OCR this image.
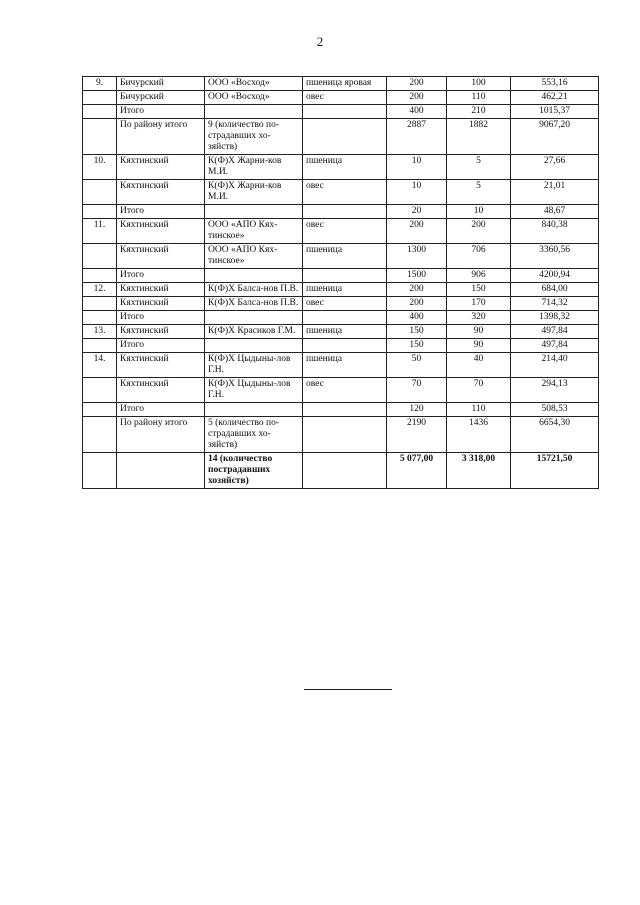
2
9.	Бичурский	ООО «Восход»	пшеница яровая	200	100	553,16
	Бичурский	ООО «Восход»	овес	200	110	462,21
	Итого			400	210	1015,37
	По району итого	9 (количество по-страдавших хо-зяйств)		2887	1882	9067,20
10.	Кяхтинский	К(Ф)Х Жарни-ков М.И.	пшеница	10	5	27,66
	Кяхтинский	К(Ф)Х Жарни-ков М.И.	овес	10	5	21,01
	Итого			20	10	48,67
11.	Кяхтинский	ООО «АПО Кях-тинское»	овес	200	200	840,38
	Кяхтинский	ООО «АПО Кях-тинское»	пшеница	1300	706	3360,56
	Итого			1500	906	4200,94
12.	Кяхтинский	К(Ф)Х Балса-нов П.В.	пшеница	200	150	684,00
	Кяхтинский	К(Ф)Х Балса-нов П.В.	овес	200	170	714,32
	Итого			400	320	1398,32
13.	Кяхтинский	К(Ф)Х Красиков Г.М.	пшеница	150	90	497,84
	Итого			150	90	497,84
14.	Кяхтинский	К(Ф)Х Цыдыны-лов Г.Н.	пшеница	50	40	214,40
	Кяхтинский	К(Ф)Х Цыдыны-лов Г.Н.	овес	70	70	294,13
	Итого			120	110	508,53
	По району итого	5 (количество по-страдавших хо-зяйств)		2190	1436	6654,30
		14 (количество пострадавших хозяйств)		5 077,00	3 318,00	15721,50
